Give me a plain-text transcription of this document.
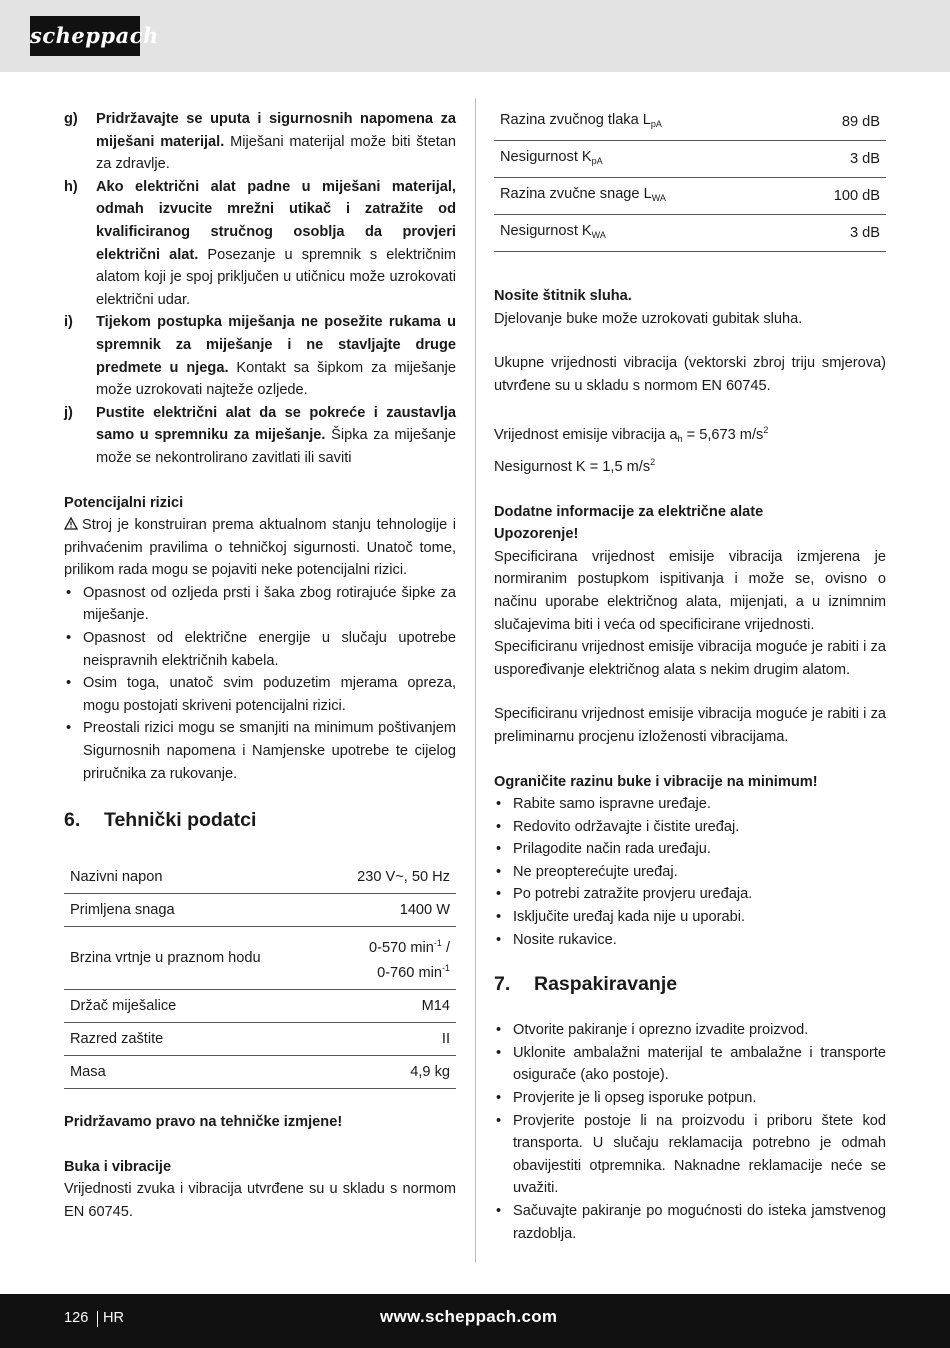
scheppach
g)	Pridržavajte se uputa i sigurnosnih napomena za miješani materijal. Miješani materijal može biti štetan za zdravlje.
h)	Ako električni alat padne u miješani materijal, odmah izvucite mrežni utikač i zatražite od kvalificiranog stručnog osoblja da provjeri električni alat. Posezanje u spremnik s električnim alatom koji je spoj priključen u utičnicu može uzrokovati električni udar.
i)	Tijekom postupka miješanja ne posežite rukama u spremnik za miješanje i ne stavljajte druge predmete u njega. Kontakt sa šipkom za miješanje može uzrokovati najteže ozljede.
j)	Pustite električni alat da se pokreće i zaustavlja samo u spremniku za miješanje. Šipka za miješanje može se nekontrolirano zavitlati ili saviti
Potencijalni rizici
Stroj je konstruiran prema aktualnom stanju tehnologije i prihvaćenim pravilima o tehničkoj sigurnosti. Unatoč tome, prilikom rada mogu se pojaviti neke potencijalni rizici.
• Opasnost od ozljeda prsti i šaka zbog rotirajuće šipke za miješanje.
• Opasnost od električne energije u slučaju upotrebe neispravnih električnih kabela.
• Osim toga, unatoč svim poduzetim mjerama opreza, mogu postojati skriveni potencijalni rizici.
• Preostali rizici mogu se smanjiti na minimum poštivanjem Sigurnosnih napomena i Namjenske upotrebe te cijelog priručnika za rukovanje.
6.	Tehnički podatci
Nazivni napon	230 V~, 50 Hz
Primljena snaga	1400 W
Brzina vrtnje u praznom hodu	0-570 $\min^{-1}$ /
0-760 $\min^{-1}$
Držač miješalice	M14
Razred zaštite	II
Masa	4,9 kg
Pridržavamo pravo na tehničke izmjene!
Buka i vibracije
Vrijednosti zvuka i vibracija utvrđene su u skladu s normom EN 60745.
Razina zvučnog tlaka $L_{pA}$	89 dB
Nesigurnost $K_{pA}$	3 dB
Razina zvučne snage $L_{WA}$	100 dB
Nesigurnost $K_{WA}$	3 dB
Nosite štitnik sluha.
Djelovanje buke može uzrokovati gubitak sluha.
Ukupne vrijednosti vibracija (vektorski zbroj triju smjerova) utvrđene su u skladu s normom EN 60745.
Vrijednost emisije vibracija $a_h = 5,673$ $m/s^2$
Nesigurnost K = 1,5 $m/s^2$
Dodatne informacije za električne alate
Upozorenje!
Specificirana vrijednost emisije vibracija izmjerena je normiranim postupkom ispitivanja i može se, ovisno o načinu uporabe električnog alata, mijenjati, a u iznimnim slučajevima biti i veća od specificirane vrijednosti.
Specificiranu vrijednost emisije vibracija moguće je rabiti i za uspoređivanje električnog alata s nekim drugim alatom.
Specificiranu vrijednost emisije vibracija moguće je rabiti i za preliminarnu procjenu izloženosti vibracijama.
Ograničite razinu buke i vibracije na minimum!
• Rabite samo ispravne uređaje.
• Redovito održavajte i čistite uređaj.
• Prilagodite način rada uređaju.
• Ne preopterećujte uređaj.
• Po potrebi zatražite provjeru uređaja.
• Isključite uređaj kada nije u uporabi.
• Nosite rukavice.
7.	Raspakiravanje
• Otvorite pakiranje i oprezno izvadite proizvod.
• Uklonite ambalažni materijal te ambalažne i transporte osigurače (ako postoje).
• Provjerite je li opseg isporuke potpun.
• Provjerite postoje li na proizvodu i priboru štete kod transporta. U slučaju reklamacija potrebno je odmah obavijestiti otpremnika. Naknadne reklamacije neće se uvažiti.
• Sačuvajte pakiranje po mogućnosti do isteka jamstvenog razdoblja.
126 HR	www.scheppach.com
